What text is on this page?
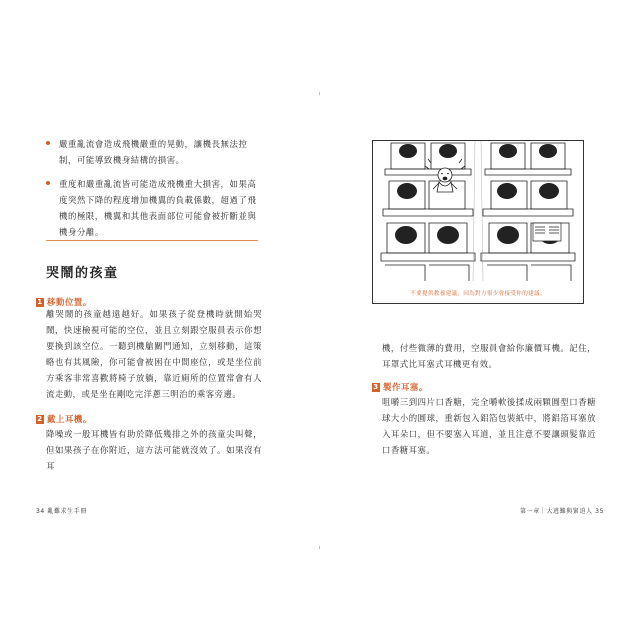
嚴重亂流會造成飛機嚴重的晃動，讓機長無法控制，可能導致機身結構的損害。
重度和嚴重亂流皆可能造成飛機重大損害，如果高度突然下降的程度增加機翼的負載係數，超過了飛機的極限，機翼和其他表面部位可能會被折斷並與機身分離。
哭鬧的孩童
1 移動位置。
離哭鬧的孩童越遠越好。如果孩子從登機時就開始哭鬧，快速檢視可能的空位，並且立刻跟空服員表示你想要換到該空位。一聽到機艙關門通知，立刻移動，這策略也有其風險，你可能會被困在中間座位，或是坐位前方乘客非常喜歡將椅子放躺，靠近廁所的位置常會有人流走動，或是坐在剛吃完洋蔥三明治的乘客旁邊。
2 戴上耳機。
降噪或一般耳機皆有助於降低幾排之外的孩童尖叫聲，但如果孩子在你附近，這方法可能就沒效了。如果沒有耳
34 亂難求生手冊
不要提供教養建議，因為對方很少會接受你的建議。
機，付些微薄的費用，空服員會給你廉價耳機。記住，耳罩式比耳塞式耳機更有效。
3 製作耳塞。
咀嚼三到四片口香糖，完全嚼軟後揉成兩顆圓型口香糖球大小的圓球，重新包入鋁箔包裝紙中，將鋁箔耳塞放入耳朵口，但不要塞入耳道，並且注意不要讓頭髮靠近口香糖耳塞。
第一章｜大逃難與緊迫人 35
